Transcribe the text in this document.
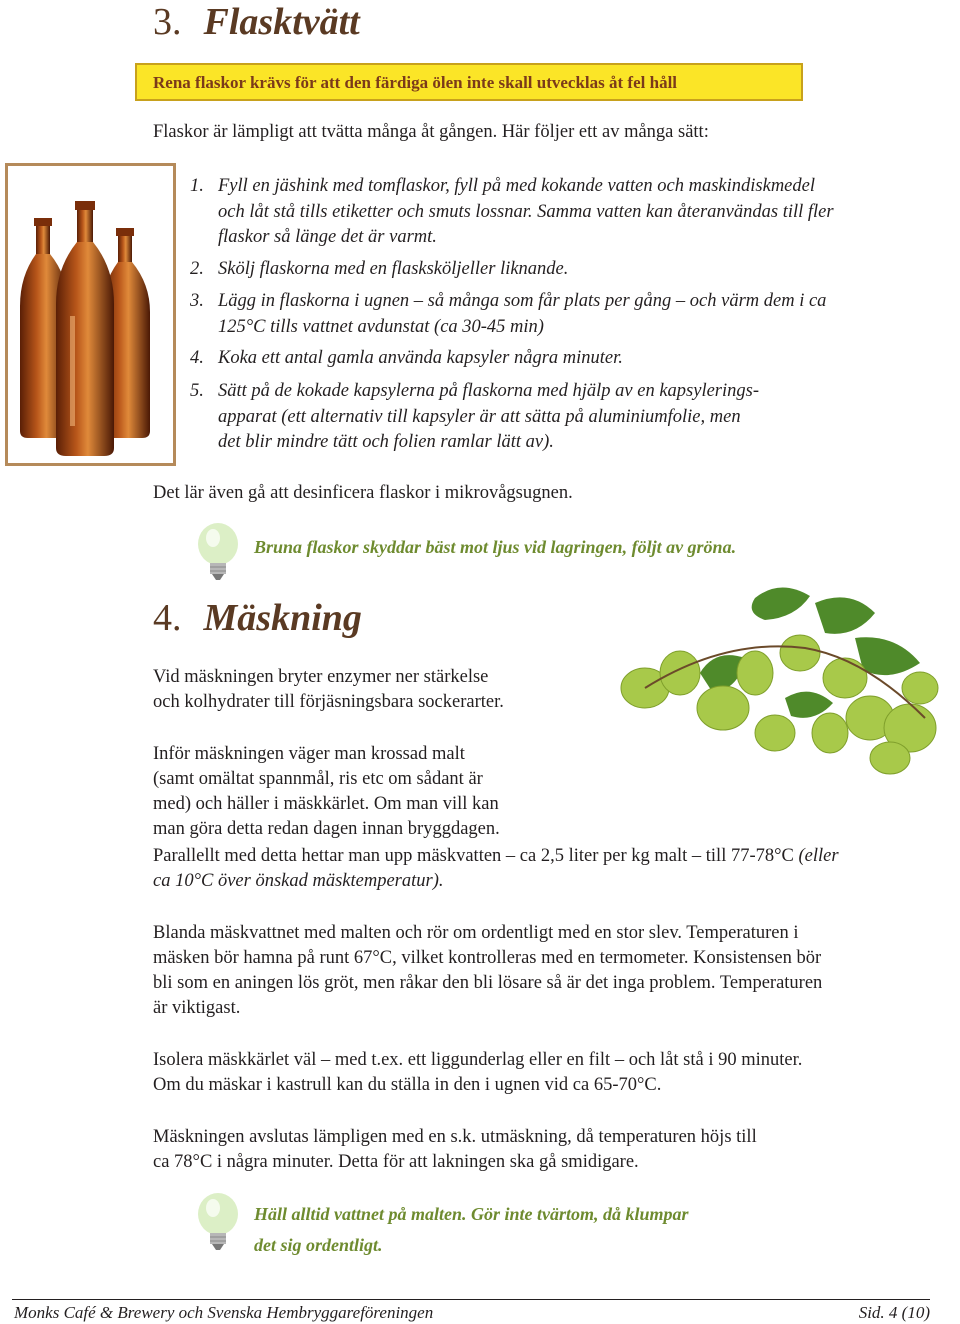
3. Flasktvätt
Rena flaskor krävs för att den färdiga ölen inte skall utvecklas åt fel håll
Flaskor är lämpligt att tvätta många åt gången. Här följer ett av många sätt:
1. Fyll en jäshink med tomflaskor, fyll på med kokande vatten och maskindiskmedel
och låt stå tills etiketter och smuts lossnar. Samma vatten kan återanvändas till fler
flaskor så länge det är varmt.
2. Skölj flaskorna med en flasksköljeller liknande.
3. Lägg in flaskorna i ugnen – så många som får plats per gång – och värm dem i ca
125°C tills vattnet avdunstat (ca 30-45 min)
4. Koka ett antal gamla använda kapsyler några minuter.
5. Sätt på de kokade kapsylerna på flaskorna med hjälp av en kapsylerings-
apparat (ett alternativ till kapsyler är att sätta på aluminiumfolie, men
det blir mindre tätt och folien ramlar lätt av).
Det lär även gå att desinficera flaskor i mikrovågsugnen.
Bruna flaskor skyddar bäst mot ljus vid lagringen, följt av gröna.
4. Mäskning
Vid mäskningen bryter enzymer ner stärkelse
och kolhydrater till förjäsningsbara sockerarter.
Inför mäskningen väger man krossad malt
(samt omältat spannmål, ris etc om sådant är
med) och häller i mäskkärlet. Om man vill kan
man göra detta redan dagen innan bryggdagen.
Parallellt med detta hettar man upp mäskvatten – ca 2,5 liter per kg malt – till 77-78°C (eller
ca 10°C över önskad mäsktemperatur).
Blanda mäskvattnet med malten och rör om ordentligt med en stor slev. Temperaturen i
mäsken bör hamna på runt 67°C, vilket kontrolleras med en termometer. Konsistensen bör
bli som en aningen lös gröt, men råkar den bli lösare så är det inga problem. Temperaturen
är viktigast.
Isolera mäskkärlet väl – med t.ex. ett liggunderlag eller en filt – och låt stå i 90 minuter.
Om du mäskar i kastrull kan du ställa in den i ugnen vid ca 65-70°C.
Mäskningen avslutas lämpligen med en s.k. utmäskning, då temperaturen höjs till
ca 78°C i några minuter. Detta för att lakningen ska gå smidigare.
Häll alltid vattnet på malten. Gör inte tvärtom, då klumpar
det sig ordentligt.
Monks Café & Brewery och Svenska Hembryggareföreningen	Sid. 4 (10)
